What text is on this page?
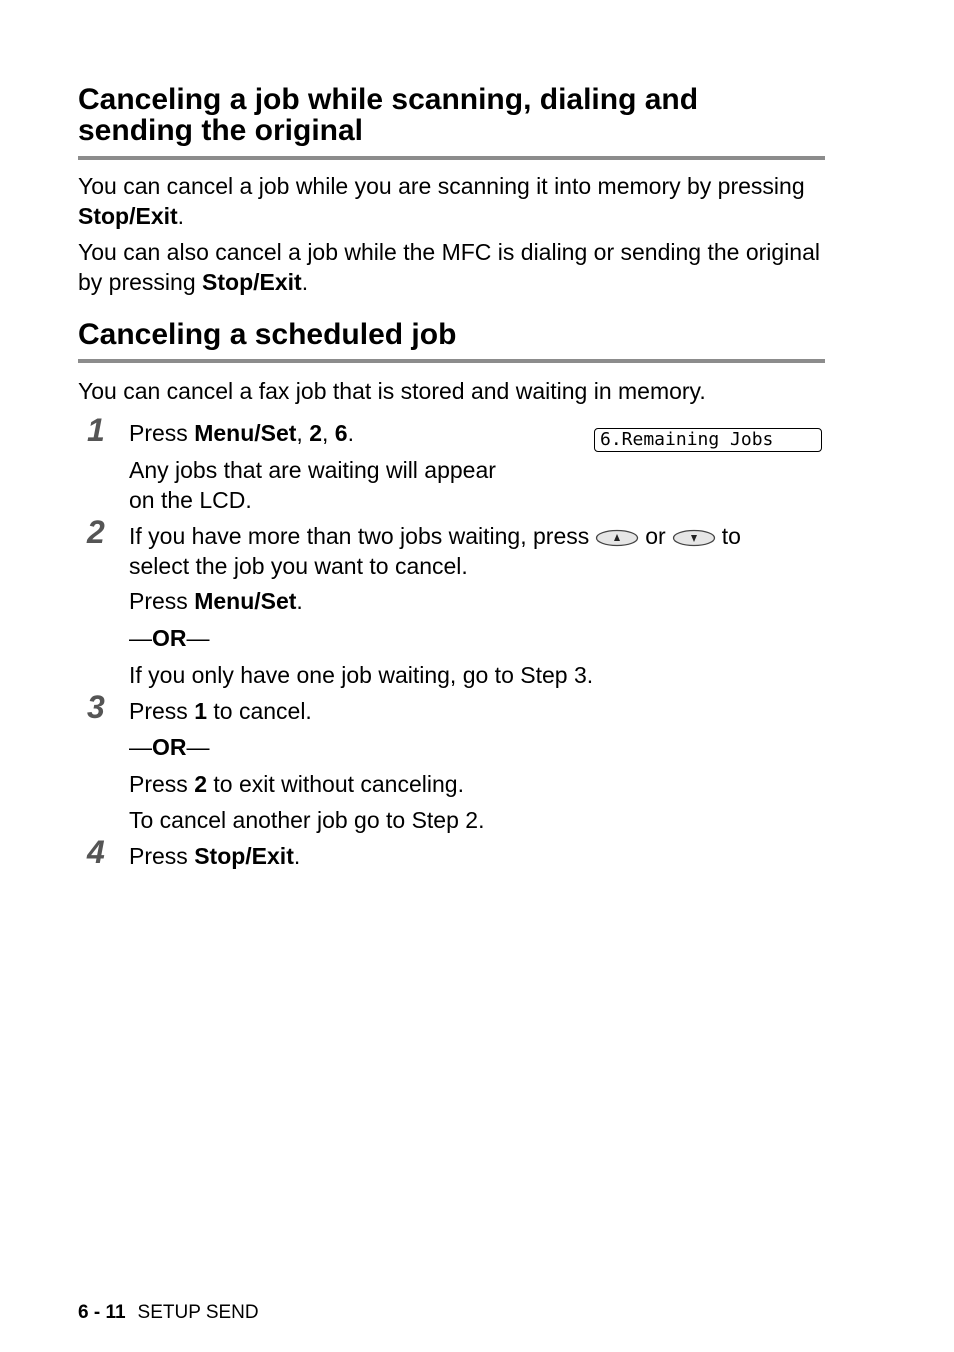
Canceling a job while scanning, dialing and
sending the original

You can cancel a job while you are scanning it into memory by pressing Stop/Exit.

You can also cancel a job while the MFC is dialing or sending the original by pressing Stop/Exit.

Canceling a scheduled job

You can cancel a fax job that is stored and waiting in memory.

1 Press Menu/Set, 2, 6.	6.Remaining Jobs

Any jobs that are waiting will appear
on the LCD.

2 If you have more than two jobs waiting, press or to
select the job you want to cancel.

Press Menu/Set.

—OR—

If you only have one job waiting, go to Step 3.

3 Press 1 to cancel.

—OR—

Press 2 to exit without canceling.

To cancel another job go to Step 2.

4 Press Stop/Exit.

6 - 11 SETUP SEND
